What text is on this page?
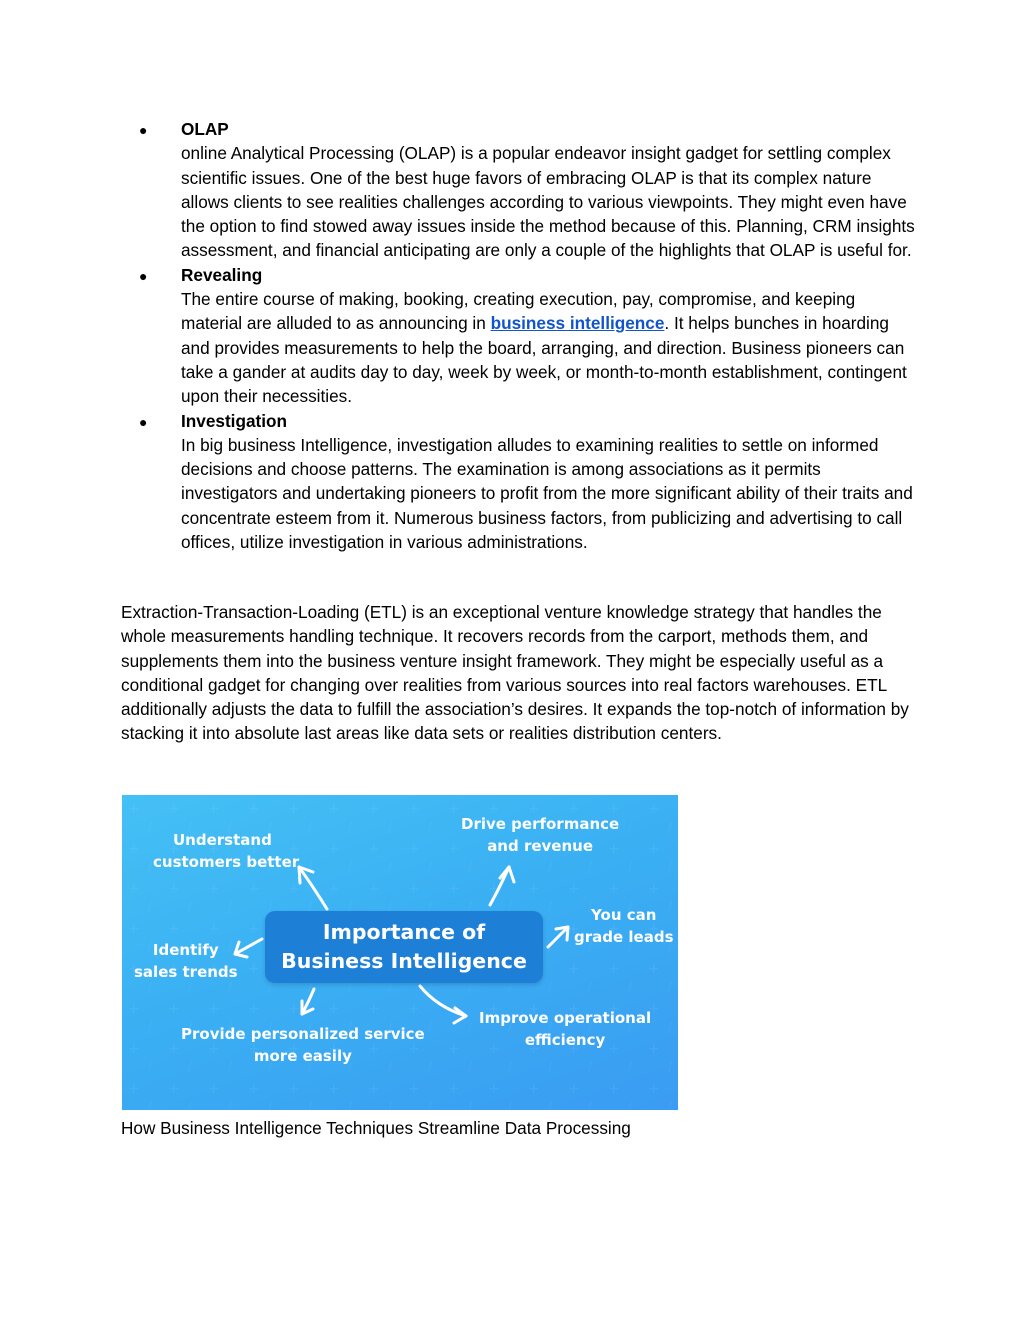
● OLAP
online Analytical Processing (OLAP) is a popular endeavor insight gadget for settling complex scientific issues. One of the best huge favors of embracing OLAP is that its complex nature allows clients to see realities challenges according to various viewpoints. They might even have the option to find stowed away issues inside the method because of this. Planning, CRM insights assessment, and financial anticipating are only a couple of the highlights that OLAP is useful for.
● Revealing
The entire course of making, booking, creating execution, pay, compromise, and keeping material are alluded to as announcing in business intelligence. It helps bunches in hoarding and provides measurements to help the board, arranging, and direction. Business pioneers can take a gander at audits day to day, week by week, or month-to-month establishment, contingent upon their necessities.
● Investigation
In big business Intelligence, investigation alludes to examining realities to settle on informed decisions and choose patterns. The examination is among associations as it permits investigators and undertaking pioneers to profit from the more significant ability of their traits and concentrate esteem from it. Numerous business factors, from publicizing and advertising to call offices, utilize investigation in various administrations.

Extraction-Transaction-Loading (ETL) is an exceptional venture knowledge strategy that handles the whole measurements handling technique. It recovers records from the carport, methods them, and supplements them into the business venture insight framework. They might be especially useful as a conditional gadget for changing over realities from various sources into real factors warehouses. ETL additionally adjusts the data to fulfill the association’s desires. It expands the top-notch of information by stacking it into absolute last areas like data sets or realities distribution centers.

Importance of
Business Intelligence
Understand
customers better
Drive performance
and revenue
You can
grade leads
Identify
sales trends
Provide personalized service
more easily
Improve operational
efficiency
How Business Intelligence Techniques Streamline Data Processing
